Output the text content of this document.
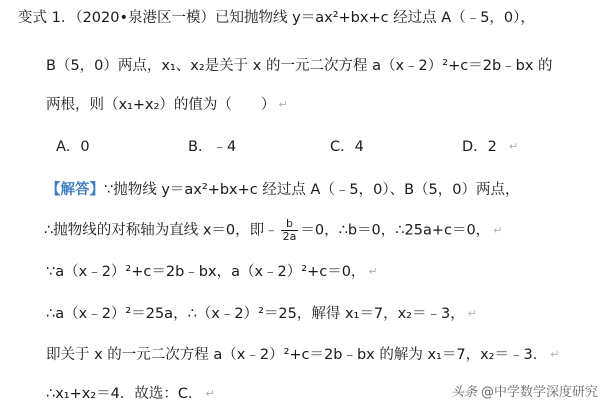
变式 1．（2020•泉港区一模）已知抛物线 y＝ax²+bx+c 经过点 A（﹣5，0），
B（5，0）两点，x₁、x₂是关于 x 的一元二次方程 a（x﹣2）²+c＝2b﹣bx 的
两根，则（x₁+x₂）的值为（　　） ↵
A．0	B．﹣4	C．4	D．2 ↵
【解答】∵抛物线 y＝ax²+bx+c 经过点 A（﹣5，0）、B（5，0）两点，
∴抛物线的对称轴为直线 x＝0，即﹣ $\frac{b}{2a} =0$，∴b＝0，∴25a+c＝0， ↵
∵a（x﹣2）²+c＝2b﹣bx，a（x﹣2）²+c＝0， ↵
∴a（x﹣2）²＝25a，∴（x﹣2）²＝25，解得 x₁＝7，x₂＝﹣3， ↵
即关于 x 的一元二次方程 a（x﹣2）²+c＝2b﹣bx 的解为 x₁＝7，x₂＝﹣3． ↵
∴x₁+x₂＝4．故选：C． ↵	头条 @中学数学深度研究
